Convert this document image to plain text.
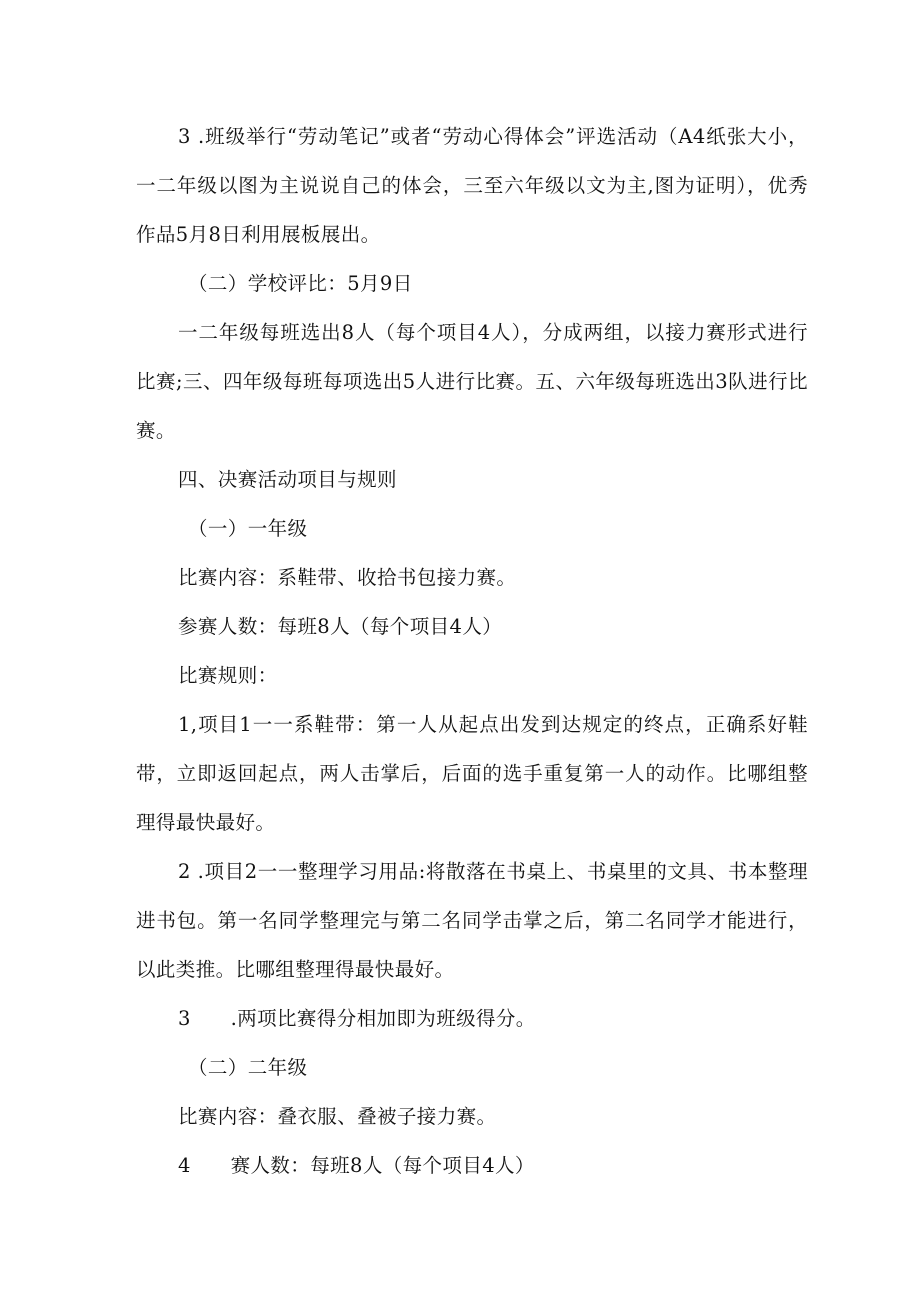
3 .班级举行“劳动笔记”或者“劳动心得体会”评选活动（A4纸张大小，一二年级以图为主说说自己的体会，三至六年级以文为主,图为证明），优秀作品5月8日利用展板展出。

（二）学校评比：5月9日

一二年级每班选出8人（每个项目4人），分成两组，以接力赛形式进行比赛;三、四年级每班每项选出5人进行比赛。五、六年级每班选出3队进行比赛。

四、决赛活动项目与规则

（一）一年级

比赛内容：系鞋带、收拾书包接力赛。

参赛人数：每班8人（每个项目4人）

比赛规则：

1,项目1一一系鞋带：第一人从起点出发到达规定的终点，正确系好鞋带，立即返回起点，两人击掌后，后面的选手重复第一人的动作。比哪组整理得最快最好。

2 .项目2一一整理学习用品:将散落在书桌上、书桌里的文具、书本整理进书包。第一名同学整理完与第二名同学击掌之后，第二名同学才能进行，以此类推。比哪组整理得最快最好。

3　　.两项比赛得分相加即为班级得分。

（二）二年级

比赛内容：叠衣服、叠被子接力赛。

4　　赛人数：每班8人（每个项目4人）
